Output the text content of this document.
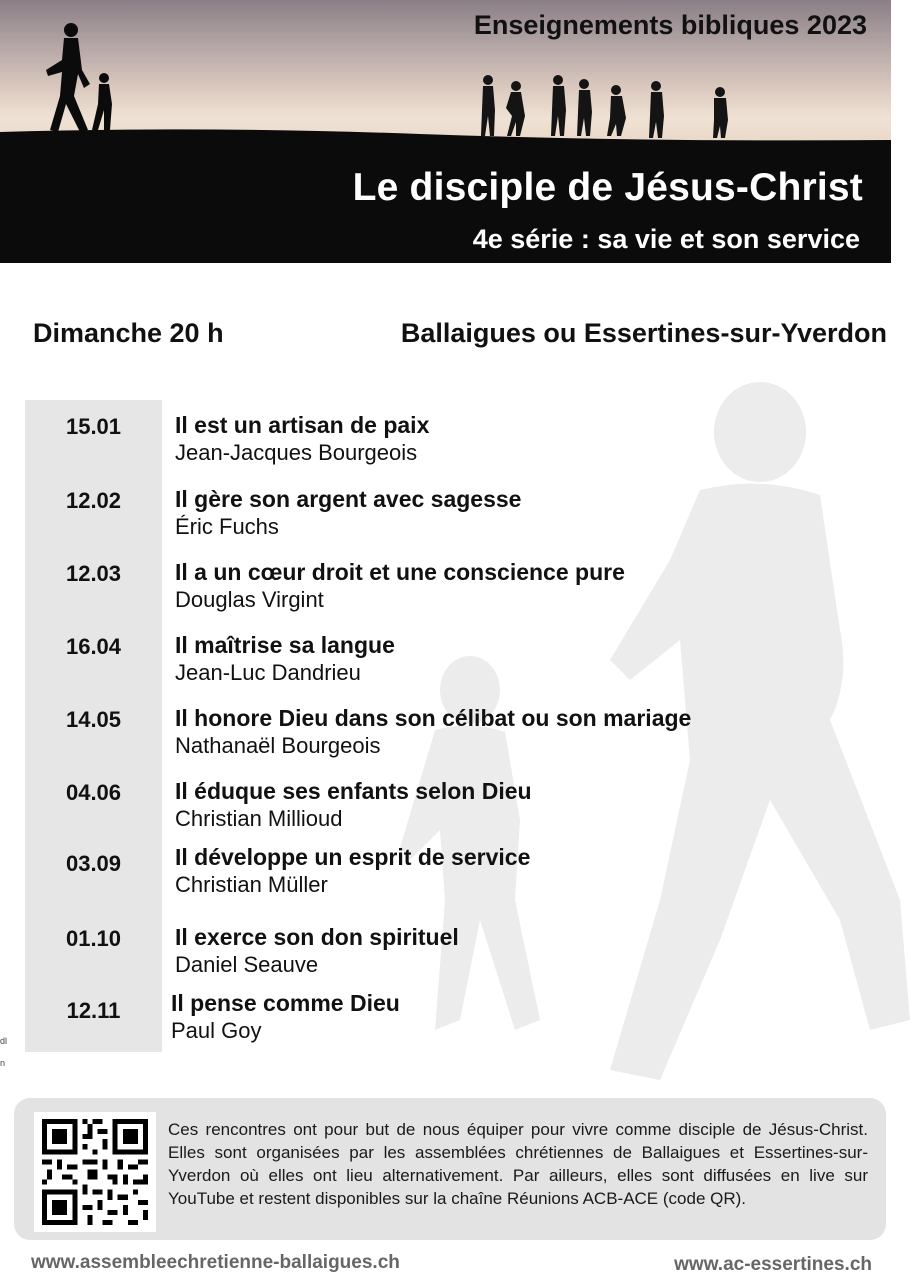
Enseignements bibliques 2023
Le disciple de Jésus-Christ
4e série : sa vie et son service
Dimanche 20 h	Ballaigues ou Essertines-sur-Yverdon
15.01	Il est un artisan de paix
Jean-Jacques Bourgeois
12.02	Il gère son argent avec sagesse
Éric Fuchs
12.03	Il a un cœur droit et une conscience pure
Douglas Virgint
16.04	Il maîtrise sa langue
Jean-Luc Dandrieu
14.05	Il honore Dieu dans son célibat ou son mariage
Nathanaël Bourgeois
04.06	Il éduque ses enfants selon Dieu
Christian Millioud
03.09	Il développe un esprit de service
Christian Müller
01.10	Il exerce son don spirituel
Daniel Seauve
12.11	Il pense comme Dieu
Paul Goy

Ces rencontres ont pour but de nous équiper pour vivre comme disciple de Jésus-Christ. Elles sont organisées par les assemblées chrétiennes de Ballaigues et Essertines-sur-Yverdon où elles ont lieu alternativement. Par ailleurs, elles sont diffusées en live sur YouTube et restent disponibles sur la chaîne Réunions ACB-ACE (code QR).

www.assembleechretienne-ballaigues.ch	www.ac-essertines.ch
dl
n
